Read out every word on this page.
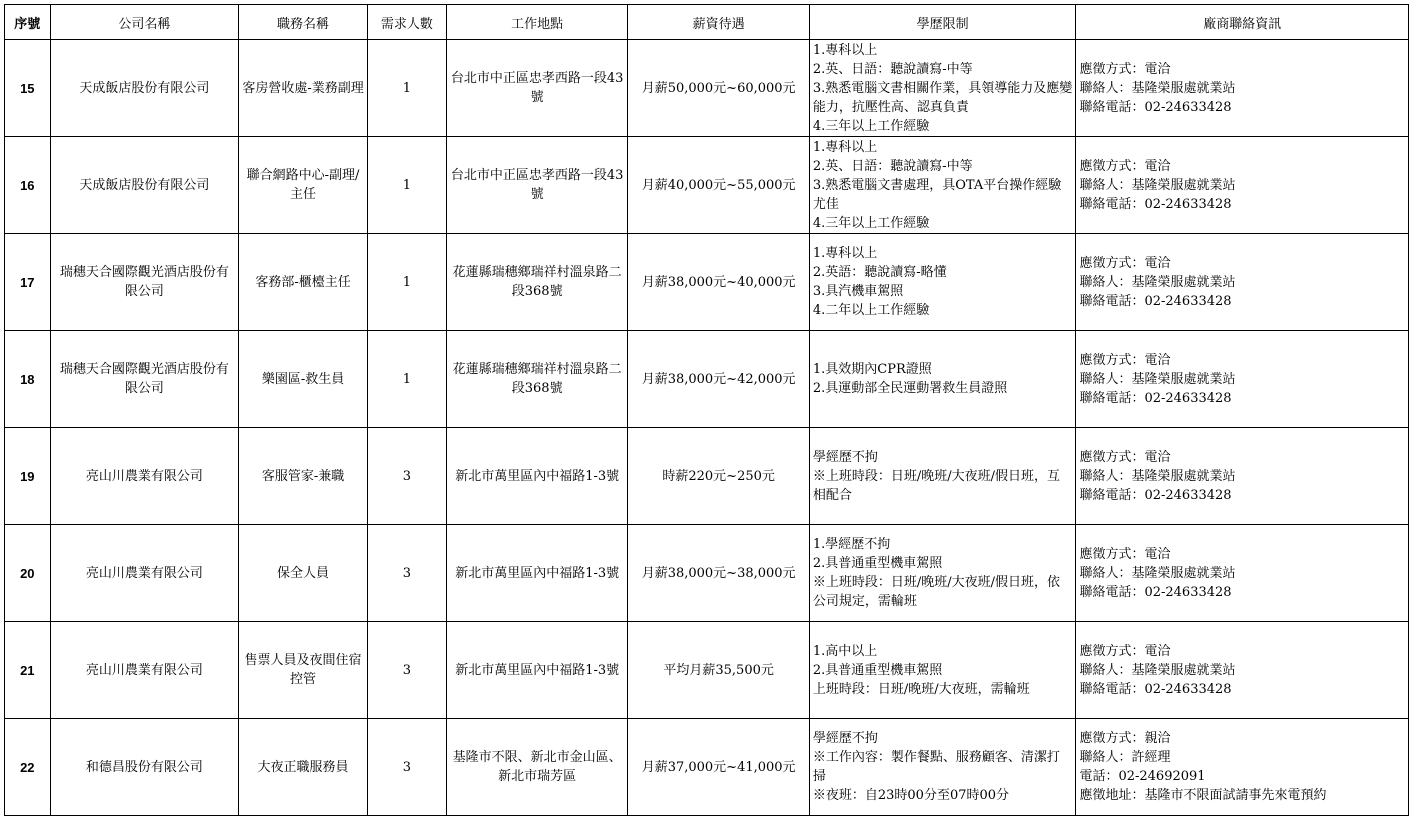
序號	公司名稱	職務名稱	需求人數	工作地點	薪資待遇	學歷限制	廠商聯絡資訊
15	天成飯店股份有限公司	客房營收處-業務副理	1	台北市中正區忠孝西路一段43號	月薪50,000元~60,000元	1.專科以上
2.英、日語：聽說讀寫-中等
3.熟悉電腦文書相關作業，具領導能力及應變能力，抗壓性高、認真負責
4.三年以上工作經驗	應徵方式：電洽
聯絡人：基隆榮服處就業站
聯絡電話：02-24633428
16	天成飯店股份有限公司	聯合網路中心-副理/主任	1	台北市中正區忠孝西路一段43號	月薪40,000元~55,000元	1.專科以上
2.英、日語：聽說讀寫-中等
3.熟悉電腦文書處理，具OTA平台操作經驗尤佳
4.三年以上工作經驗	應徵方式：電洽
聯絡人：基隆榮服處就業站
聯絡電話：02-24633428
17	瑞穗天合國際觀光酒店股份有限公司	客務部-櫃檯主任	1	花蓮縣瑞穗鄉瑞祥村溫泉路二段368號	月薪38,000元~40,000元	1.專科以上
2.英語：聽說讀寫-略懂
3.具汽機車駕照
4.二年以上工作經驗	應徵方式：電洽
聯絡人：基隆榮服處就業站
聯絡電話：02-24633428
18	瑞穗天合國際觀光酒店股份有限公司	樂園區-救生員	1	花蓮縣瑞穗鄉瑞祥村溫泉路二段368號	月薪38,000元~42,000元	1.具效期內CPR證照
2.具運動部全民運動署救生員證照	應徵方式：電洽
聯絡人：基隆榮服處就業站
聯絡電話：02-24633428
19	亮山川農業有限公司	客服管家-兼職	3	新北市萬里區內中福路1-3號	時薪220元~250元	學經歷不拘
※上班時段：日班/晚班/大夜班/假日班，互相配合	應徵方式：電洽
聯絡人：基隆榮服處就業站
聯絡電話：02-24633428
20	亮山川農業有限公司	保全人員	3	新北市萬里區內中福路1-3號	月薪38,000元~38,000元	1.學經歷不拘
2.具普通重型機車駕照
※上班時段：日班/晚班/大夜班/假日班，依公司規定，需輪班	應徵方式：電洽
聯絡人：基隆榮服處就業站
聯絡電話：02-24633428
21	亮山川農業有限公司	售票人員及夜間住宿控管	3	新北市萬里區內中福路1-3號	平均月薪35,500元	1.高中以上
2.具普通重型機車駕照
上班時段：日班/晚班/大夜班，需輪班	應徵方式：電洽
聯絡人：基隆榮服處就業站
聯絡電話：02-24633428
22	和德昌股份有限公司	大夜正職服務員	3	基隆市不限、新北市金山區、新北市瑞芳區	月薪37,000元~41,000元	學經歷不拘
※工作內容：製作餐點、服務顧客、清潔打掃
※夜班：自23時00分至07時00分	應徵方式：親洽
聯絡人：許經理
電話：02-24692091
應徵地址：基隆市不限面試請事先來電預約
